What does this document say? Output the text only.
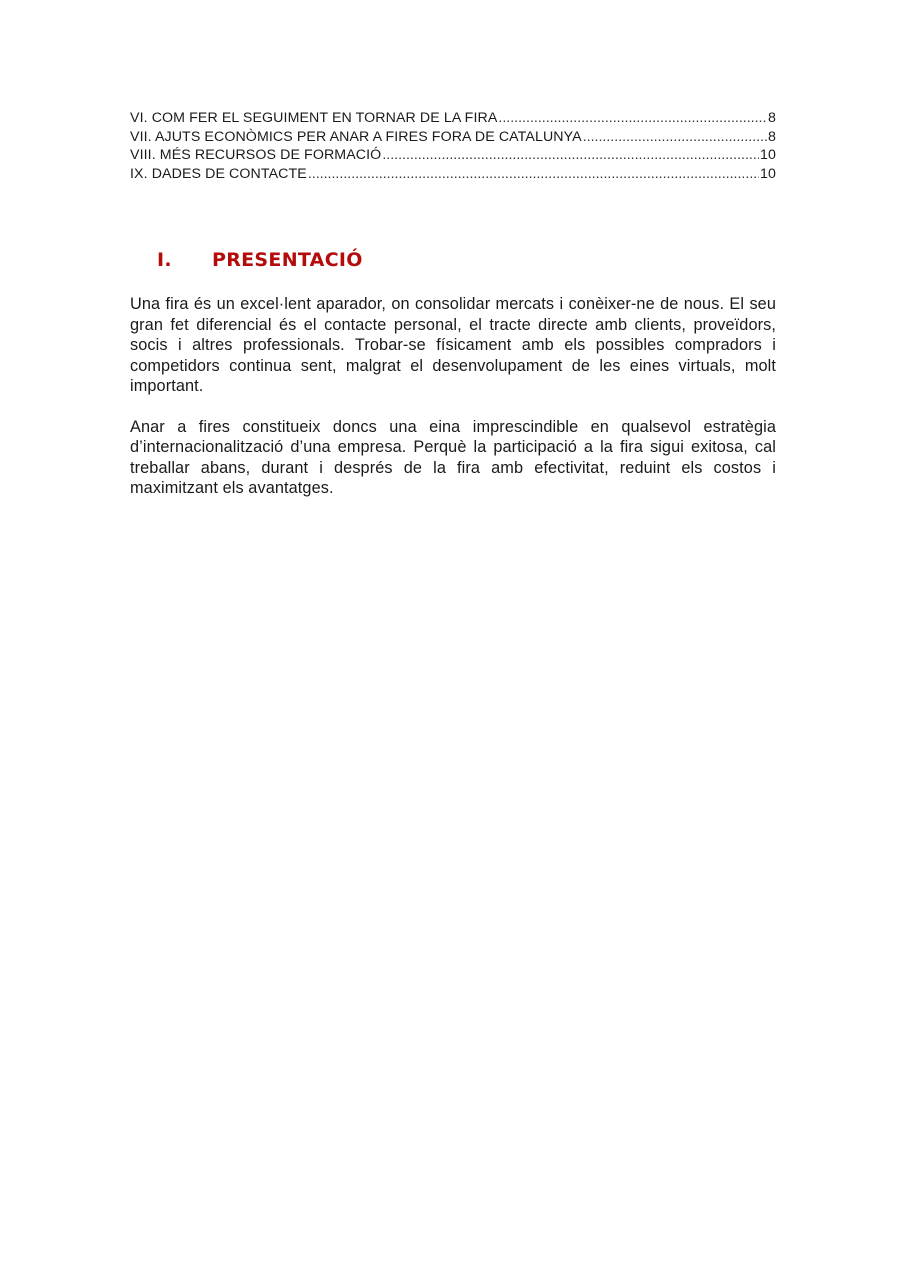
VI. COM FER EL SEGUIMENT EN TORNAR DE LA FIRA .....	8
VII. AJUTS ECONÒMICS PER ANAR A FIRES FORA DE CATALUNYA .....	8
VIII. MÉS RECURSOS DE FORMACIÓ .....	10
IX. DADES DE CONTACTE .....	10
I.	PRESENTACIÓ

Una fira és un excel·lent aparador, on consolidar mercats i conèixer-ne de nous. El seu gran fet diferencial és el contacte personal, el tracte directe amb clients, proveïdors, socis i altres professionals. Trobar-se físicament amb els possibles compradors i competidors continua sent, malgrat el desenvolupament de les eines virtuals, molt important.

Anar a fires constitueix doncs una eina imprescindible en qualsevol estratègia d’internacionalització d’una empresa. Perquè la participació a la fira sigui exitosa, cal treballar abans, durant i després de la fira amb efectivitat, reduint els costos i maximitzant els avantatges.
